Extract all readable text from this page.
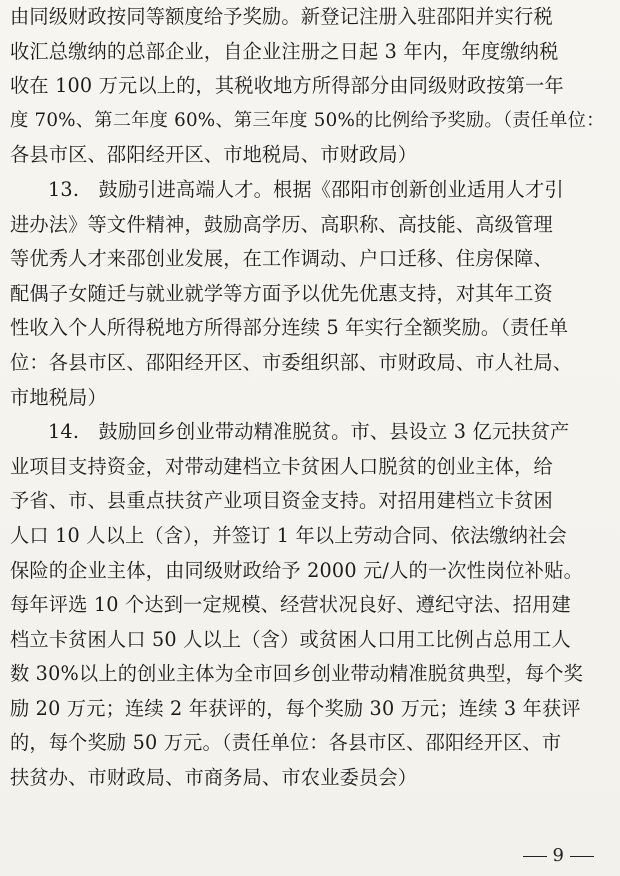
由同级财政按同等额度给予奖励。新登记注册入驻邵阳并实行税
收汇总缴纳的总部企业，自企业注册之日起 3 年内，年度缴纳税
收在 100 万元以上的，其税收地方所得部分由同级财政按第一年
度 70%、第二年度 60%、第三年度 50%的比例给予奖励。（责任单位：
各县市区、邵阳经开区、市地税局、市财政局）
13.　鼓励引进高端人才。根据《邵阳市创新创业适用人才引
进办法》等文件精神，鼓励高学历、高职称、高技能、高级管理
等优秀人才来邵创业发展，在工作调动、户口迁移、住房保障、
配偶子女随迁与就业就学等方面予以优先优惠支持，对其年工资
性收入个人所得税地方所得部分连续 5 年实行全额奖励。（责任单
位：各县市区、邵阳经开区、市委组织部、市财政局、市人社局、
市地税局）
14.　鼓励回乡创业带动精准脱贫。市、县设立 3 亿元扶贫产
业项目支持资金，对带动建档立卡贫困人口脱贫的创业主体，给
予省、市、县重点扶贫产业项目资金支持。对招用建档立卡贫困
人口 10 人以上（含），并签订 1 年以上劳动合同、依法缴纳社会
保险的企业主体，由同级财政给予 2000 元/人的一次性岗位补贴。
每年评选 10 个达到一定规模、经营状况良好、遵纪守法、招用建
档立卡贫困人口 50 人以上（含）或贫困人口用工比例占总用工人
数 30%以上的创业主体为全市回乡创业带动精准脱贫典型，每个奖
励 20 万元；连续 2 年获评的，每个奖励 30 万元；连续 3 年获评
的，每个奖励 50 万元。（责任单位：各县市区、邵阳经开区、市
扶贫办、市财政局、市商务局、市农业委员会）
9
